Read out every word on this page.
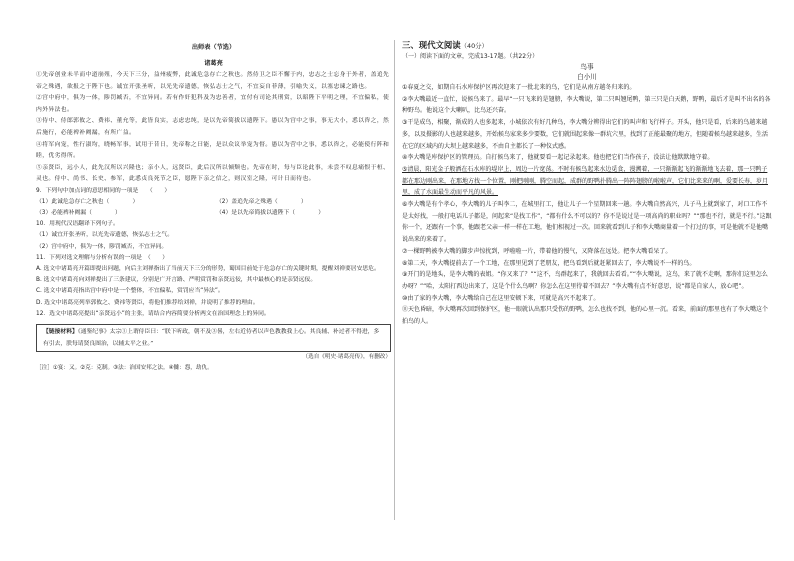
出师表（节选）
诸葛亮
①先帝创业未半而中道崩殂，今天下三分，益州疲弊，此诚危急存亡之秋也。然侍卫之臣不懈于内，忠志之士忘身于外者，盖追先帝之殊遇，欲报之于陛下也。诚宜开张圣听，以光先帝遗德，恢弘志士之气，不宜妄自菲薄，引喻失义，以塞忠谏之路也。
②宫中府中，俱为一体，陟罚臧否，不宜异同。若有作奸犯科及为忠善者，宜付有司论其刑赏，以昭陛下平明之理，不宜偏私，使内外异法也。
③侍中、侍郎郭攸之、费祎、董允等，此皆良实，志虑忠纯，是以先帝简拔以遗陛下。愚以为宫中之事，事无大小，悉以咨之，然后施行，必能裨补阙漏，有所广益。
④将军向宠，性行淑均，晓畅军事，试用于昔日，先帝称之曰能，是以众议举宠为督。愚以为营中之事，悉以咨之，必能使行阵和睦，优劣得所。
⑤亲贤臣，远小人，此先汉所以兴隆也；亲小人，远贤臣，此后汉所以倾颓也。先帝在时，每与臣论此事，未尝不叹息痛恨于桓、灵也。侍中、尚书、长史、参军，此悉贞良死节之臣，愿陛下亲之信之，则汉室之隆，可计日而待也。
9．下列句中加点词的意思相同的一项是　　（　　）
（1）此诚危急存亡之秋也（　　　　）	（2）盖追先帝之殊遇（　　　　）
（3）必能裨补阙漏（　　　　）	（4）是以先帝简拔以遗陛下（　　　　）
10．用现代汉语翻译下列句子。
（1）诚宜开张圣听，以光先帝遗德，恢弘志士之气。
（2）宫中府中，俱为一体，陟罚臧否，不宜异同。
11．下列对选文理解与分析有误的一项是　（　　）
A. 选文中诸葛亮开篇即提出问题，向后主刘禅指出了当前天下三分的形势，蜀国目前处于危急存亡的关键时期，提醒刘禅要居安思危。
B. 选文中诸葛亮向刘禅提出了三条建议，分别是广开言路、严明赏罚和亲贤远佞，其中最核心的是亲贤远佞。
C. 选文中诸葛亮指出宫中府中是一个整体，不宜偏私，赏罚应当“异法”。
D. 选文中诸葛亮列举郭攸之、费祎等贤臣，将他们推荐给刘禅，并说明了推荐的理由。
12．选文中诸葛亮提出“亲贤远小”的主张，请结合内容简要分析两文在治国理念上的异同。
【链接材料】《通鉴纪事》太宗①上谓侍臣曰：“朕下听政，朝不及③晷，左右近侍者以声色教教我上心。其良辅、补过者不得进，多有引去，朕每请贤良图治，以辅太平之业。”
（选自《明史·诸葛亮传》，有删改）
［注］①宴：又。②克：克制。③法：治国安邦之法。④雠：怨，劫仇。
三、现代文阅读（40分）
（一）阅读下面的文章，完成13-17题。（共22分）
鸟事
白小川
①春夏之交，如期自石水库保护区再次迎来了一批北来的鸟，它们是从南方越冬归来的。
②李大嘴最近一直忙，说候鸟来了。最早“一只飞来的是翅膀，李大嘴说，第二只叫翘尾鸭，第三只是白天鹅，野鸭，最后才是叫不出名的各种野鸟。他说这个大喇叭，比鸟还兴奋。
③干是成鸟，相聚，渐成的人也多起来，小城依次有好几种鸟，李大嘴分辨得出它们的叫声和飞行样子。开头，他只是看，后来的鸟越来越多，以及摄影的人也越来越多，开始候鸟家来多少要数，它们就围起来像一群坑穴里，找到了正能最聚的地方，但随着候鸟越来越多，生活在它的区域内的大坝上越来越多，不由自主都长了一种仪式感。
④李大嘴是库保护区的管理员。自打候鸟来了，他就要看一起记录起来。他也把它们当作孩子，没法让他默默地守着。
⑤清晨，阳光金子般洒在石水库的堤岸上，周边一片宽荡。不时有候鸟起来水边觅食，漫溯着，一只渐渐起飞的渐渐地飞去着，那一只鸭子都在那边刚出来，在那地方找一个位置，刚把刚刚，腾空而起，成群的野鸭扑腾出一阵阵翅膀的啦啦声，它们比来来的啊，爱要长寿，岁月里，成了水面最生动而平凡的风景。
⑥李大嘴是有个孝心，李大嘴的儿子叫李二，在城里打工，他让儿子一个星期回来一趟。李大嘴自然高兴，儿子马上就到家了，对口工作不是太好找，一般打电话儿子都是，问起来“是找工作”，“都有什么不可以的？你不是说过是一项高尚的职业吗？”“那也不行，就是不行。”这跟你一个，还跟有一个事，他跟老父亲一样一样在工地，他们相视过一次。回来就看到儿子和李大嘴商量着一个打过的事，可是他就不是他嘴说出来的来着了。
⑦一棵野鸭被李大嘴的脚步声惊扰到，呼啦啦一片，带着他的慢气，又降落在远处。把李大嘴看呆了。
⑧第二天，李大嘴提前去了一个工地，在那里见到了老朋友，把鸟看到后就赶紧回去了，李大嘴说不一样的鸟。
⑨开门的是地头，是李大嘴的表姐。“你又来了？”“这不，鸟群起来了，我就回去看看。”“李大嘴说，这鸟，来了就不走啊，那你们这里怎么办呀？”“哈，太阳打西边出来了，这是个什么鸟啊？你怎么在这里待着不回去？”李大嘴有点不好意思，说“都是自家人，放心吧”。
⑩由了家的李大嘴，李大嘴给自己在这里安顿下来，可就是高兴不起来了。
⑪天色昏暗，李大嘴再次回到保护区，他一眼就认出那只受伤的野鸭，怎么也找不到，他的心里一沉。看来，前面的那里也有了李大嘴这个拍鸟的人。
